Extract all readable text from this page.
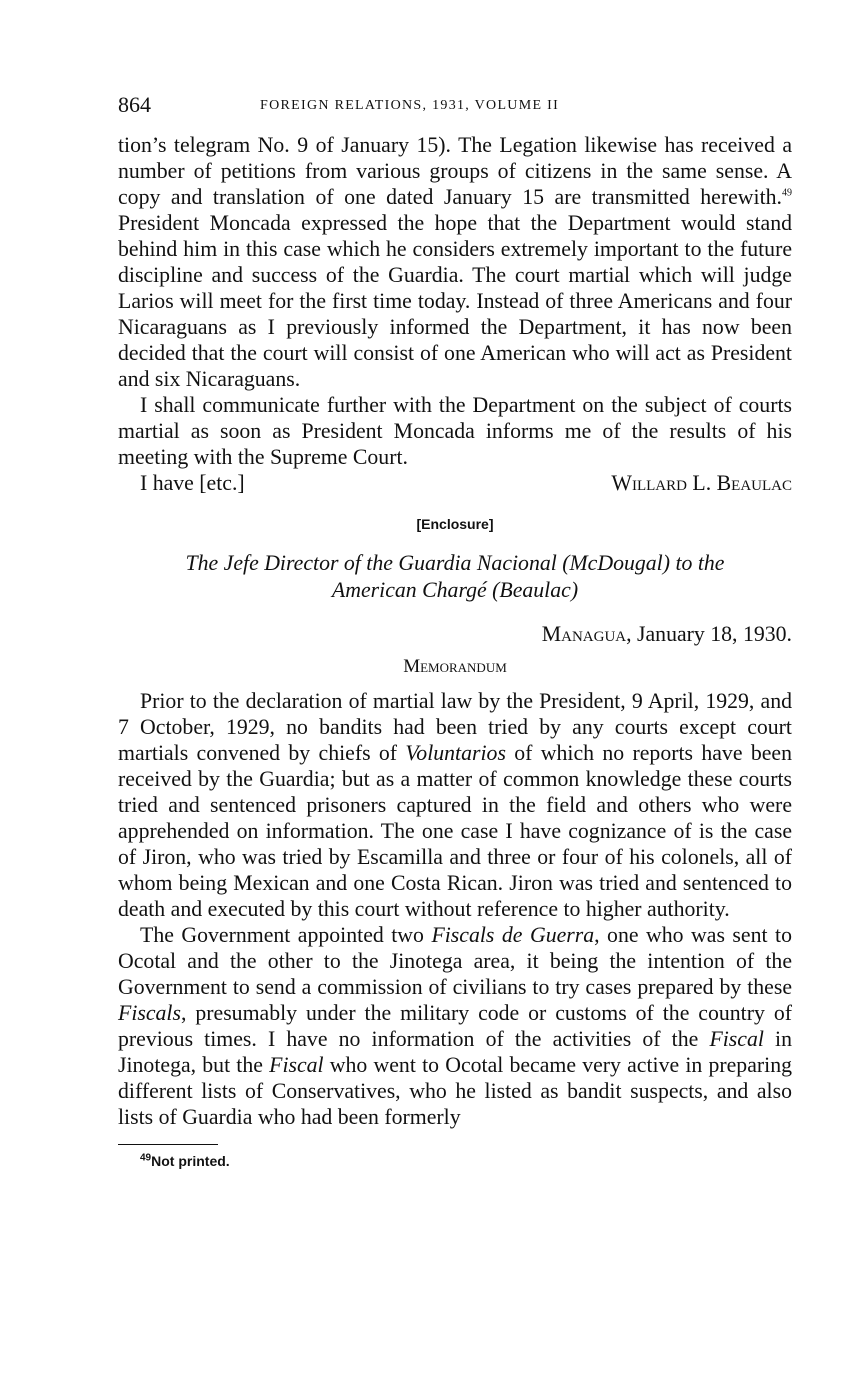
864	FOREIGN RELATIONS, 1931, VOLUME II

tion’s telegram No. 9 of January 15). The Legation likewise has received a number of petitions from various groups of citizens in the same sense. A copy and translation of one dated January 15 are transmitted herewith.$^{49}$ President Moncada expressed the hope that the Department would stand behind him in this case which he considers extremely important to the future discipline and success of the Guardia. The court martial which will judge Larios will meet for the first time today. Instead of three Americans and four Nicaraguans as I previously informed the Department, it has now been decided that the court will consist of one American who will act as President and six Nicaraguans.

I shall communicate further with the Department on the subject of courts martial as soon as President Moncada informs me of the results of his meeting with the Supreme Court.

I have [etc.]	Willard L. Beaulac
[Enclosure]
The Jefe Director of the Guardia Nacional (McDougal) to the American Chargé (Beaulac)
Managua, January 18, 1930.
Memorandum

Prior to the declaration of martial law by the President, 9 April, 1929, and 7 October, 1929, no bandits had been tried by any courts except court martials convened by chiefs of Voluntarios of which no reports have been received by the Guardia; but as a matter of common knowledge these courts tried and sentenced prisoners captured in the field and others who were apprehended on information. The one case I have cognizance of is the case of Jiron, who was tried by Escamilla and three or four of his colonels, all of whom being Mexican and one Costa Rican. Jiron was tried and sentenced to death and executed by this court without reference to higher authority.

The Government appointed two Fiscals de Guerra, one who was sent to Ocotal and the other to the Jinotega area, it being the intention of the Government to send a commission of civilians to try cases prepared by these Fiscals, presumably under the military code or customs of the country of previous times. I have no information of the activities of the Fiscal in Jinotega, but the Fiscal who went to Ocotal became very active in preparing different lists of Conservatives, who he listed as bandit suspects, and also lists of Guardia who had been formerly

$^{49}$Not printed.
